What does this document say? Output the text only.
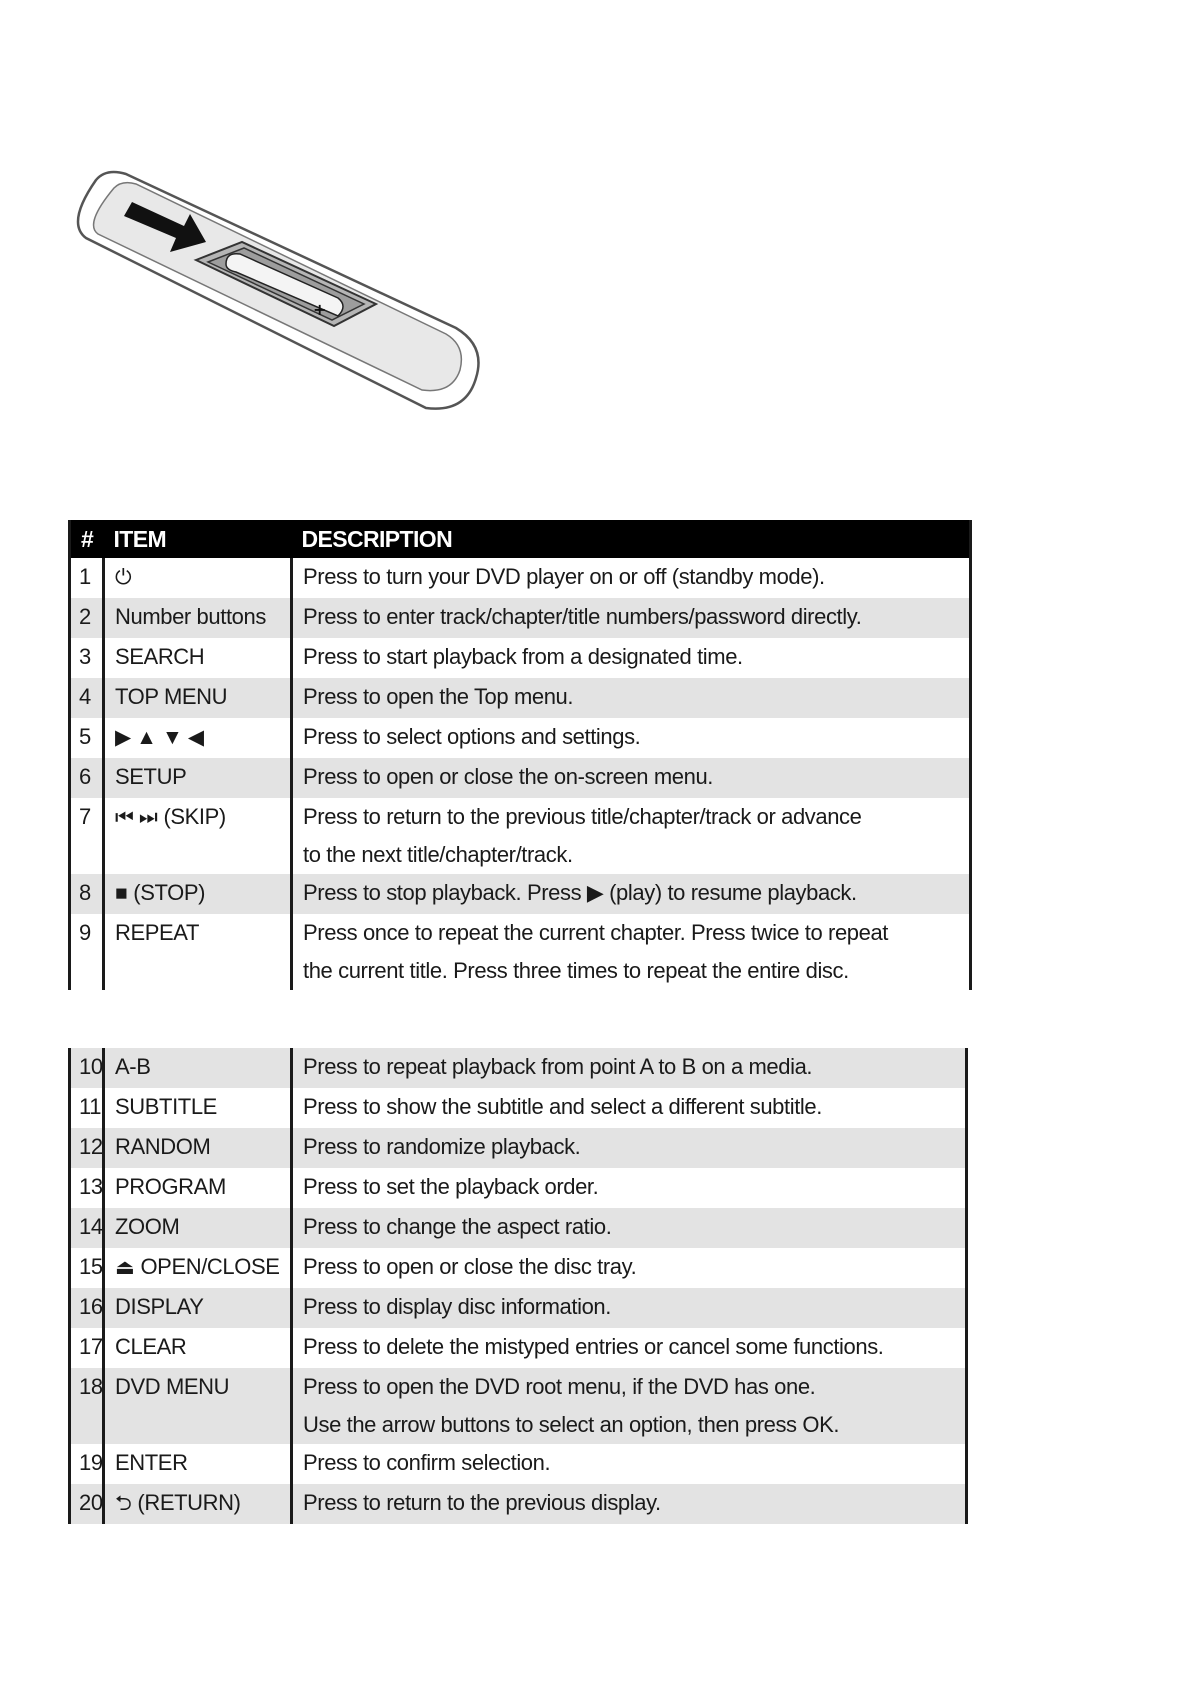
+
#	ITEM	DESCRIPTION
1	⏻	Press to turn your DVD player on or off (standby mode).
2	Number buttons	Press to enter track/chapter/title numbers/password directly.
3	SEARCH	Press to start playback from a designated time.
4	TOP MENU	Press to open the Top menu.
5	▶ ▲ ▼ ◀	Press to select options and settings.
6	SETUP	Press to open or close the on-screen menu.
7	⏮ ⏭ (SKIP)	Press to return to the previous title/chapter/track or advance
to the next title/chapter/track.

8	■ (STOP)	Press to stop playback. Press ▶ (play) to resume playback.
9	REPEAT	Press once to repeat the current chapter. Press twice to repeat
the current title. Press three times to repeat the entire disc.
10	A-B	Press to repeat playback from point A to B on a media.
11	SUBTITLE	Press to show the subtitle and select a different subtitle.
12	RANDOM	Press to randomize playback.
13	PROGRAM	Press to set the playback order.
14	ZOOM	Press to change the aspect ratio.
15	⏏ OPEN/CLOSE	Press to open or close the disc tray.
16	DISPLAY	Press to display disc information.
17	CLEAR	Press to delete the mistyped entries or cancel some functions.
18	DVD MENU	Press to open the DVD root menu, if the DVD has one.
Use the arrow buttons to select an option, then press OK.

19	ENTER	Press to confirm selection.
20	⮌ (RETURN)	Press to return to the previous display.
